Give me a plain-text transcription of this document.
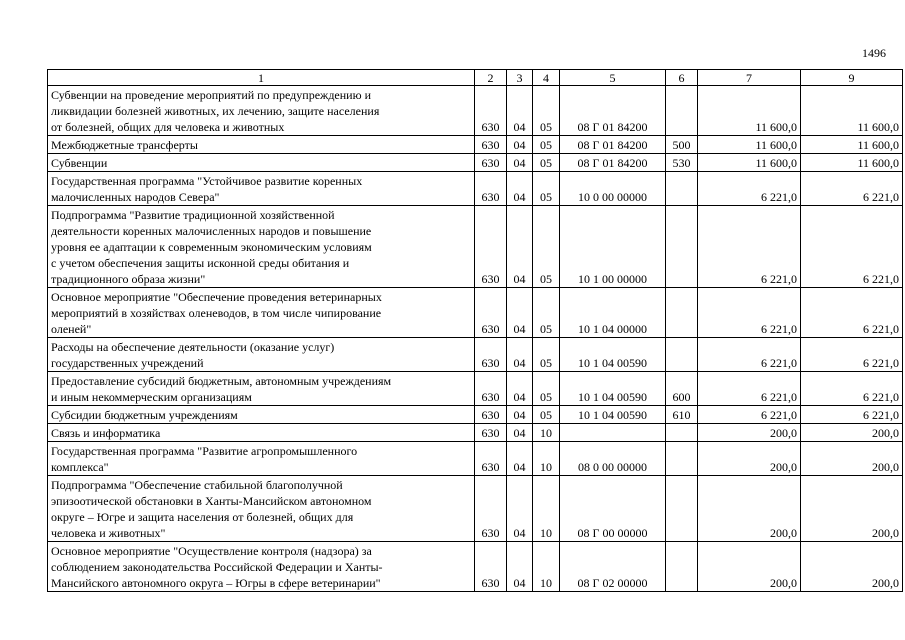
1496
1	2	3	4	5	6	7	9

Субвенции на проведение мероприятий по предупреждению и
ликвидации болезней животных, их лечению, защите населения
от болезней, общих для человека и животных	630	04	05	08 Г 01 84200		11 600,0	11 600,0

Межбюджетные трансферты	630	04	05	08 Г 01 84200	500	11 600,0	11 600,0

Субвенции	630	04	05	08 Г 01 84200	530	11 600,0	11 600,0

Государственная программа "Устойчивое развитие коренных
малочисленных народов Севера"	630	04	05	10 0 00 00000		6 221,0	6 221,0

Подпрограмма "Развитие традиционной хозяйственной
деятельности коренных малочисленных народов и повышение
уровня ее адаптации к современным экономическим условиям
с учетом обеспечения защиты исконной среды обитания и
традиционного образа жизни"	630	04	05	10 1 00 00000		6 221,0	6 221,0

Основное мероприятие "Обеспечение проведения ветеринарных
мероприятий в хозяйствах оленеводов, в том числе чипирование
оленей"	630	04	05	10 1 04 00000		6 221,0	6 221,0

Расходы на обеспечение деятельности (оказание услуг)
государственных учреждений	630	04	05	10 1 04 00590		6 221,0	6 221,0

Предоставление субсидий бюджетным, автономным учреждениям
и иным некоммерческим организациям	630	04	05	10 1 04 00590	600	6 221,0	6 221,0

Субсидии бюджетным учреждениям	630	04	05	10 1 04 00590	610	6 221,0	6 221,0

Связь и информатика	630	04	10			200,0	200,0

Государственная программа "Развитие агропромышленного
комплекса"	630	04	10	08 0 00 00000		200,0	200,0

Подпрограмма "Обеспечение стабильной благополучной
эпизоотической обстановки в Ханты-Мансийском автономном
округе – Югре и защита населения от болезней, общих для
человека и животных"	630	04	10	08 Г 00 00000		200,0	200,0

Основное мероприятие "Осуществление контроля (надзора) за
соблюдением законодательства Российской Федерации и Ханты-
Мансийского автономного округа – Югры в сфере ветеринарии"	630	04	10	08 Г 02 00000		200,0	200,0
